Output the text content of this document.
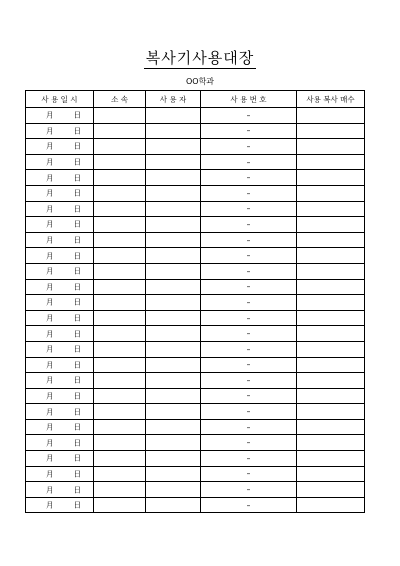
복사기사용대장
OO학과
사 용 일 시	소 속	사 용 자	사 용 번 호	사용 복사 매수

月 日			–	

月 日			–	

月 日			–	

月 日			–	

月 日			–	

月 日			–	

月 日			–	

月 日			–	

月 日			–	

月 日			–	

月 日			–	

月 日			–	

月 日			–	

月 日			–	

月 日			–	

月 日			–	

月 日			–	

月 日			–	

月 日			–	

月 日			–	

月 日			–	

月 日			–	

月 日			–	

月 日			–	

月 日			–	

月 日			–	
